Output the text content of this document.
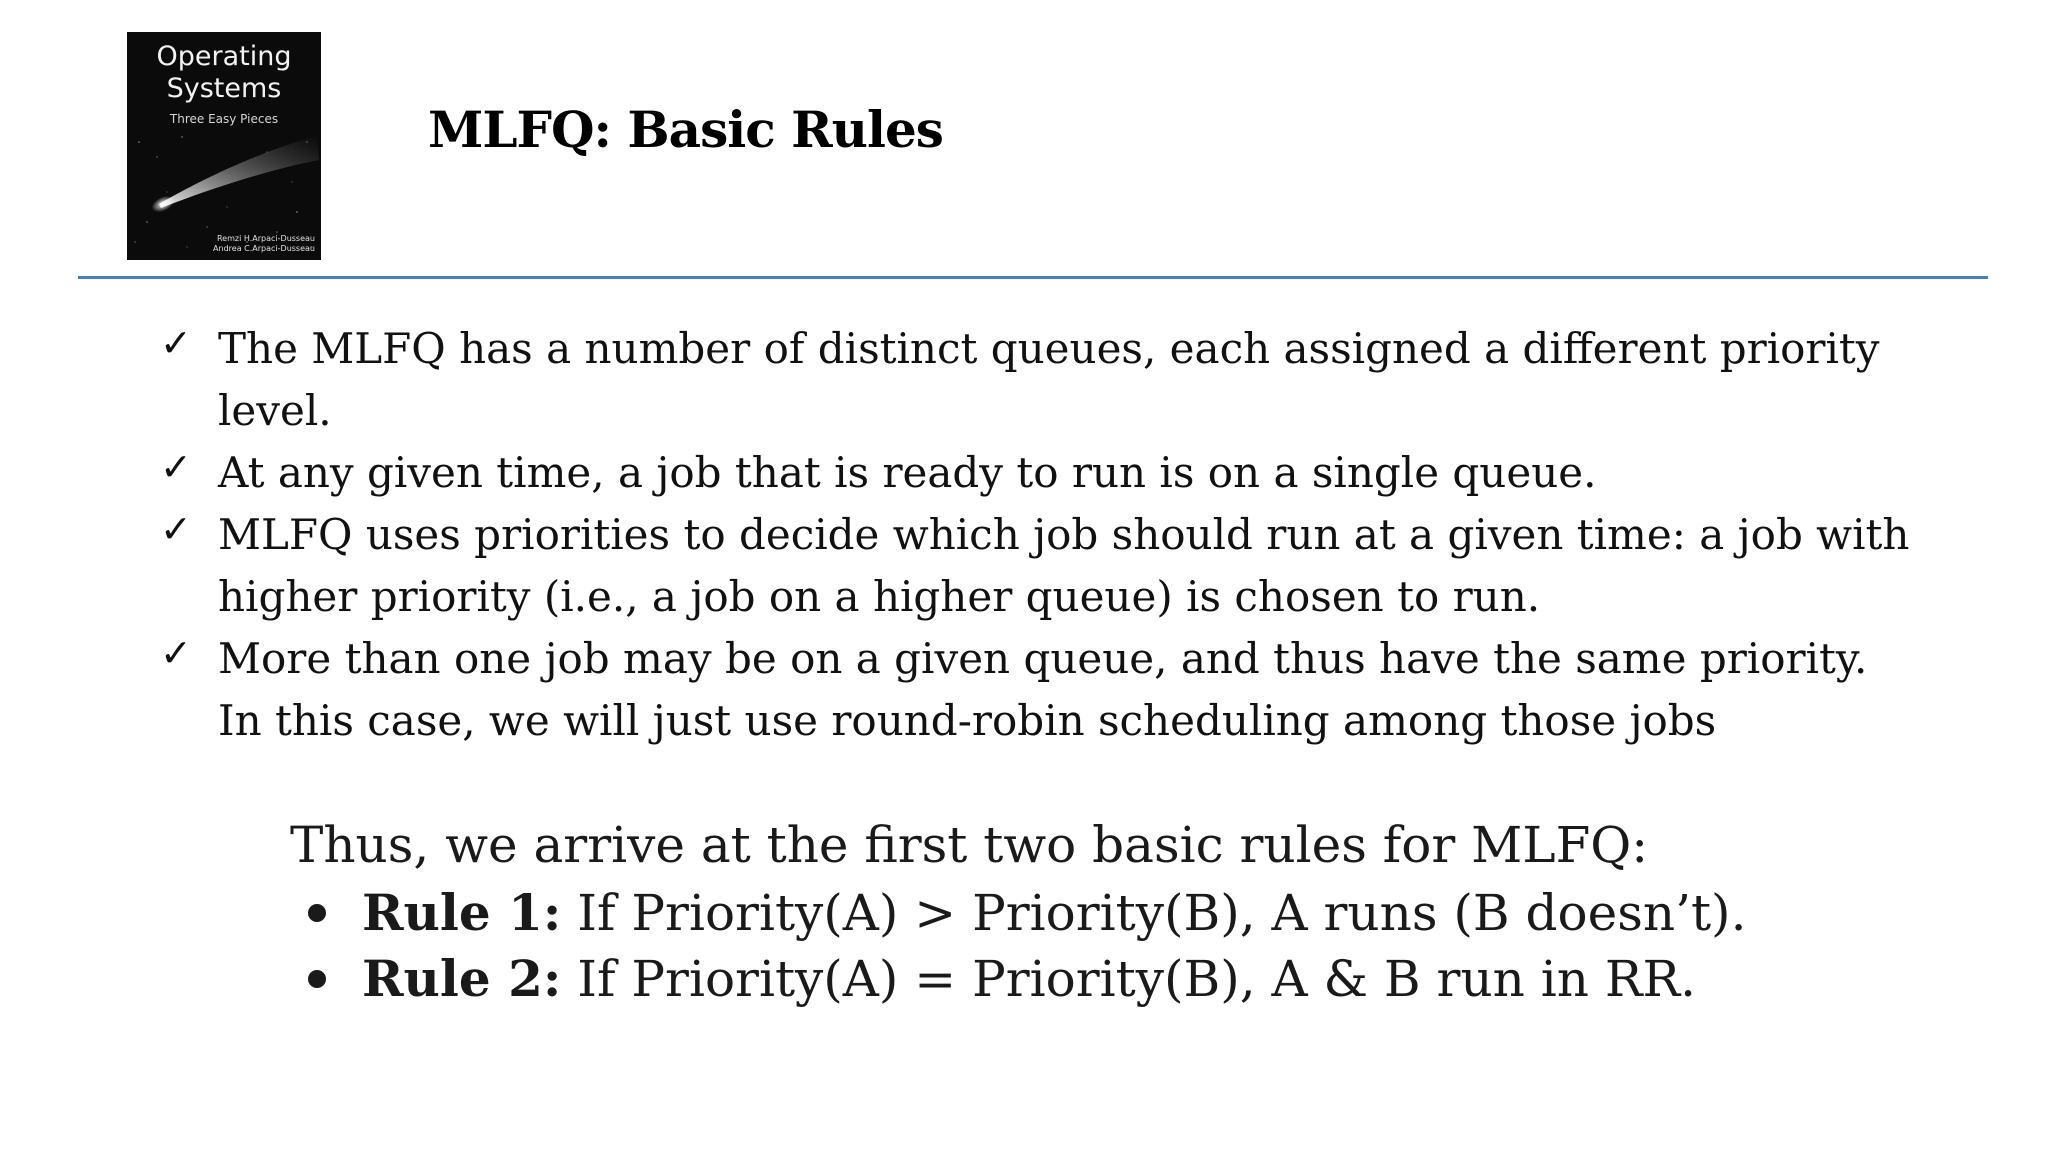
Operating
Systems
Three Easy Pieces
Remzi H.Arpaci-Dusseau
Andrea C.Arpaci-Dusseau
MLFQ: Basic Rules
✓ The MLFQ has a number of distinct queues, each assigned a different priority level.
✓ At any given time, a job that is ready to run is on a single queue.
✓ MLFQ uses priorities to decide which job should run at a given time: a job with higher priority (i.e., a job on a higher queue) is chosen to run.
✓ More than one job may be on a given queue, and thus have the same priority. In this case, we will just use round-robin scheduling among those jobs
Thus, we arrive at the first two basic rules for MLFQ:
Rule 1: If Priority(A) > Priority(B), A runs (B doesn’t).
Rule 2: If Priority(A) = Priority(B), A & B run in RR.
